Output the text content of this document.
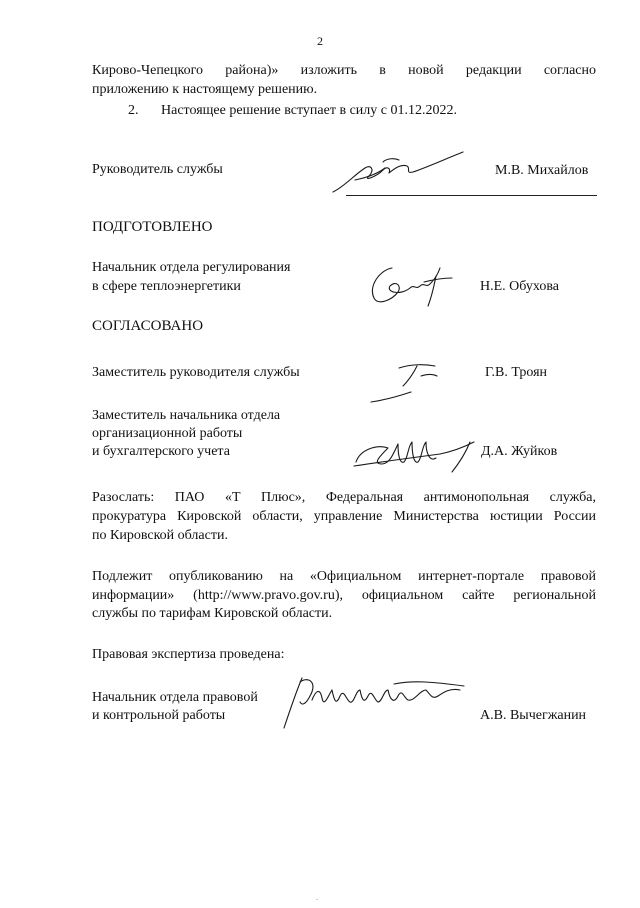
2
Кирово-Чепецкого района)» изложить в новой редакции согласно
приложению к настоящему решению.
2. Настоящее решение вступает в силу с 01.12.2022.
Руководитель службы	М.В. Михайлов
ПОДГОТОВЛЕНО
Начальник отдела регулирования
в сфере теплоэнергетики	Н.Е. Обухова
СОГЛАСОВАНО
Заместитель руководителя службы	Г.В. Троян
Заместитель начальника отдела
организационной работы
и бухгалтерского учета	Д.А. Жуйков
Разослать: ПАО «Т Плюс», Федеральная антимонопольная служба,
прокуратура Кировской области, управление Министерства юстиции России
по Кировской области.
Подлежит опубликованию на «Официальном интернет-портале правовой
информации» (http://www.pravo.gov.ru), официальном сайте региональной
службы по тарифам Кировской области.
Правовая экспертиза проведена:
Начальник отдела правовой
и контрольной работы	А.В. Вычегжанин
.
